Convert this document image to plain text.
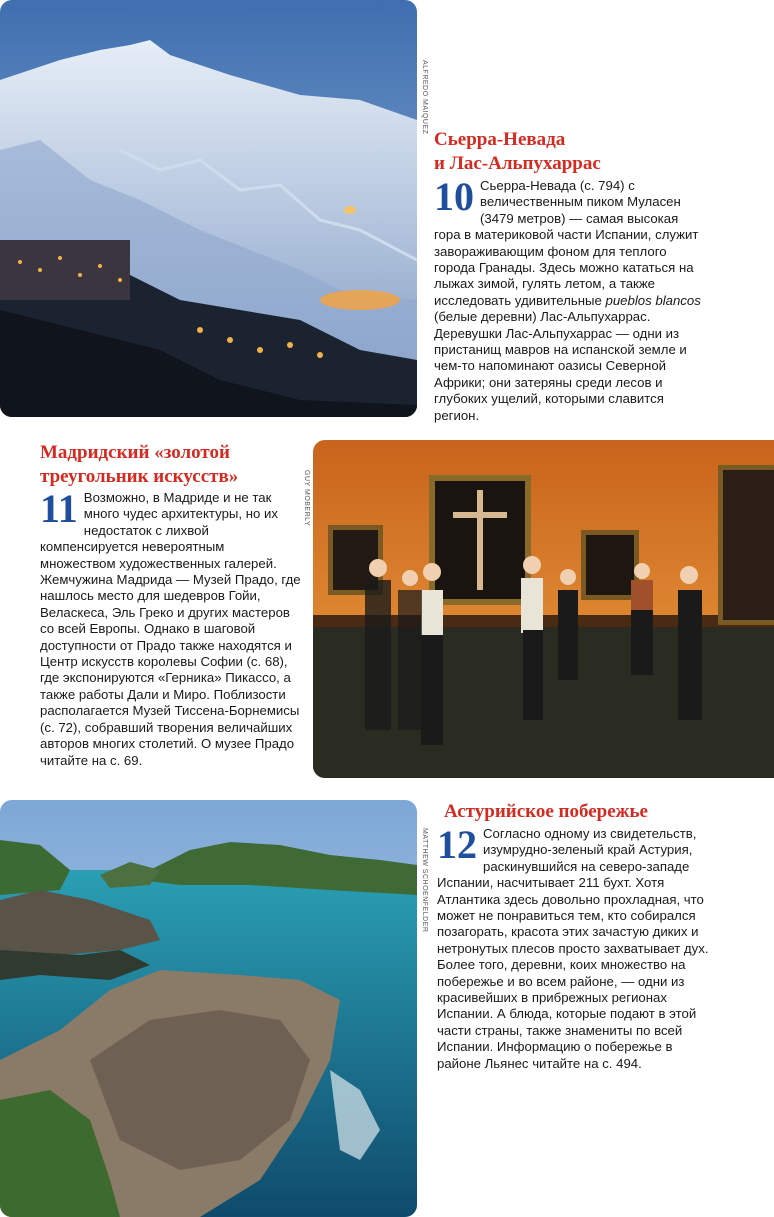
ALFREDO MAIQUEZ
Сьерра-Невада
и Лас-Альпухаррас

10 Сьерра-Невада (с. 794) с величественным пиком Муласен (3479 метров) — самая высокая гора в материковой части Испании, служит завораживающим фоном для теплого города Гранады. Здесь можно кататься на лыжах зимой, гулять летом, а также исследовать удивительные pueblos blancos (белые деревни) Лас-Альпухаррас. Деревушки Лас-Альпухаррас — одни из пристанищ мавров на испанской земле и чем-то напоминают оазисы Северной Африки; они затеряны среди лесов и глубоких ущелий, которыми славится регион.

Мадридский «золотой
треугольник искусств»

11 Возможно, в Мадриде и не так много чудес архитектуры, но их недостаток с лихвой компенсируется невероятным множеством художественных галерей. Жемчужина Мадрида — Музей Прадо, где нашлось место для шедевров Гойи, Веласкеса, Эль Греко и других мастеров со всей Европы. Однако в шаговой доступности от Прадо также находятся и Центр искусств королевы Софии (с. 68), где экспонируются «Герника» Пикассо, а также работы Дали и Миро. Поблизости располагается Музей Тиссена-Борнемисы (с. 72), собравший творения величайших авторов многих столетий. О музее Прадо читайте на с. 69.

GUY MOBERLY
MATTHEW SCHOENFELDER
Астурийское побережье

12 Согласно одному из свидетельств, изумрудно-зеленый край Астурия, раскинувшийся на северо-западе Испании, насчитывает 211 бухт. Хотя Атлантика здесь довольно прохладная, что может не понравиться тем, кто собирался позагорать, красота этих зачастую диких и нетронутых плесов просто захватывает дух. Более того, деревни, коих множество на побережье и во всем районе, — одни из красивейших в прибрежных регионах Испании. А блюда, которые подают в этой части страны, также знамениты по всей Испании. Информацию о побережье в районе Льянес читайте на с. 494.
